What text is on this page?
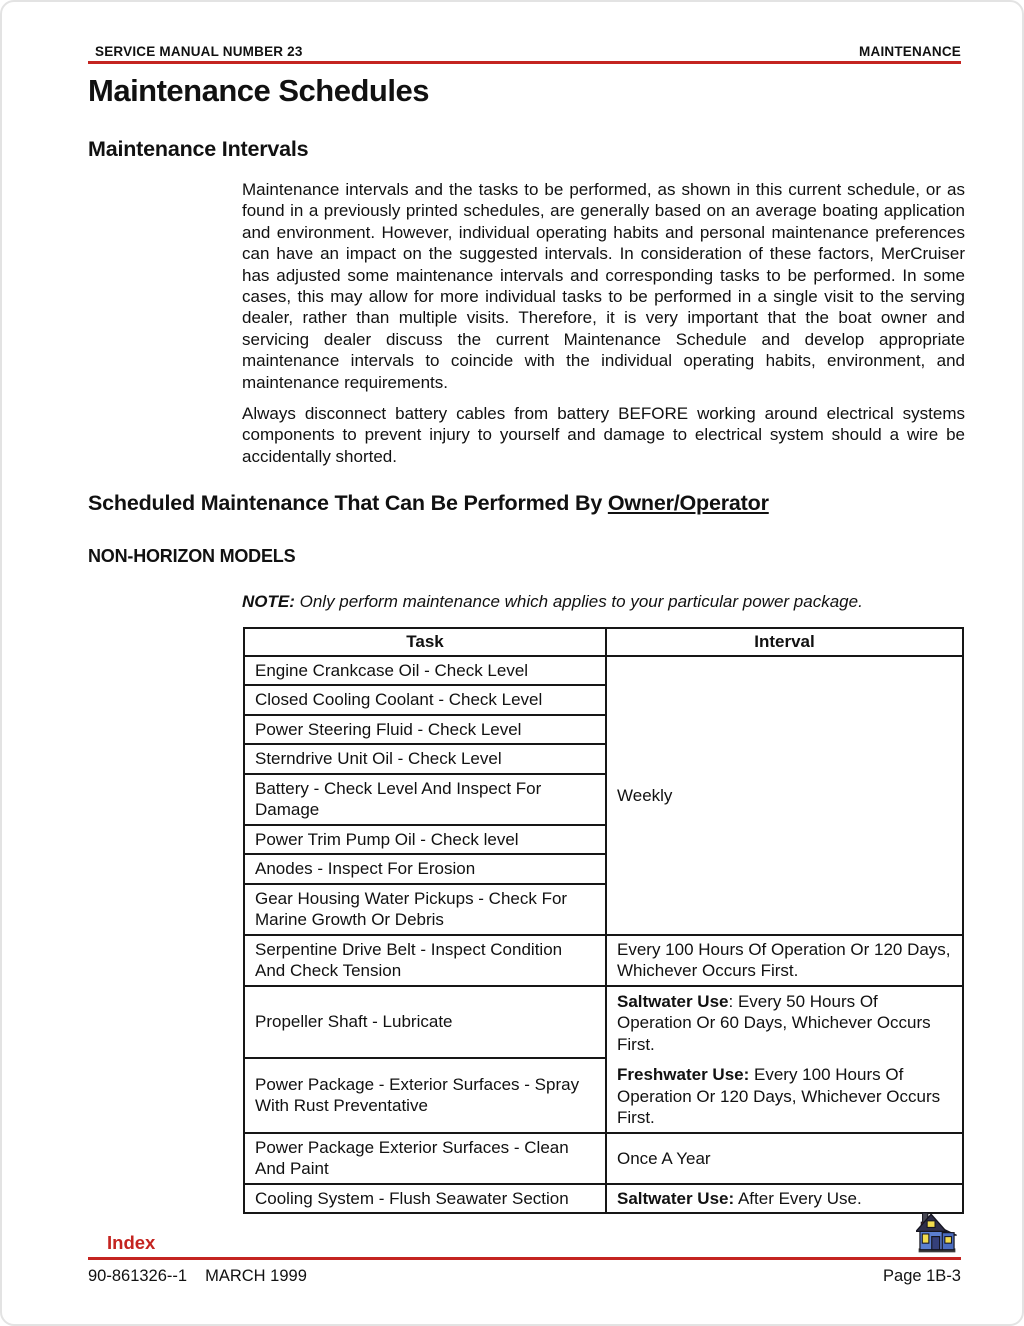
SERVICE MANUAL NUMBER 23	MAINTENANCE
Maintenance Schedules
Maintenance Intervals

Maintenance intervals and the tasks to be performed, as shown in this current schedule, or as found in a previously printed schedules, are generally based on an average boating application and environment. However, individual operating habits and personal maintenance preferences can have an impact on the suggested intervals. In consideration of these factors, MerCruiser has adjusted some maintenance intervals and corresponding tasks to be performed. In some cases, this may allow for more individual tasks to be performed in a single visit to the serving dealer, rather than multiple visits. Therefore, it is very important that the boat owner and servicing dealer discuss the current Maintenance Schedule and develop appropriate maintenance intervals to coincide with the individual operating habits, environment, and maintenance requirements.

Always disconnect battery cables from battery BEFORE working around electrical systems components to prevent injury to yourself and damage to electrical system should a wire be accidentally shorted.

Scheduled Maintenance That Can Be Performed By Owner/Operator
NON-HORIZON MODELS
NOTE: Only perform maintenance which applies to your particular power package.
Task	Interval
Engine Crankcase Oil - Check Level	Weekly
Closed Cooling Coolant - Check Level	
Power Steering Fluid - Check Level	
Sterndrive Unit Oil - Check Level	
Battery - Check Level And Inspect For Damage	
Power Trim Pump Oil - Check level	
Anodes - Inspect For Erosion	
Gear Housing Water Pickups - Check For Marine Growth Or Debris	
Serpentine Drive Belt - Inspect Condition And Check Tension	Every 100 Hours Of Operation Or 120 Days, Whichever Occurs First.
Propeller Shaft - Lubricate	Saltwater Use: Every 50 Hours Of Operation Or 60 Days, Whichever Occurs First.

Freshwater Use: Every 100 Hours Of Operation Or 120 Days, Whichever Occurs First.

Power Package - Exterior Surfaces - Spray With Rust Preventative	
Power Package Exterior Surfaces - Clean And Paint	Once A Year
Cooling System - Flush Seawater Section	Saltwater Use: After Every Use.
Index
90-861326--1 MARCH 1999	Page 1B-3
